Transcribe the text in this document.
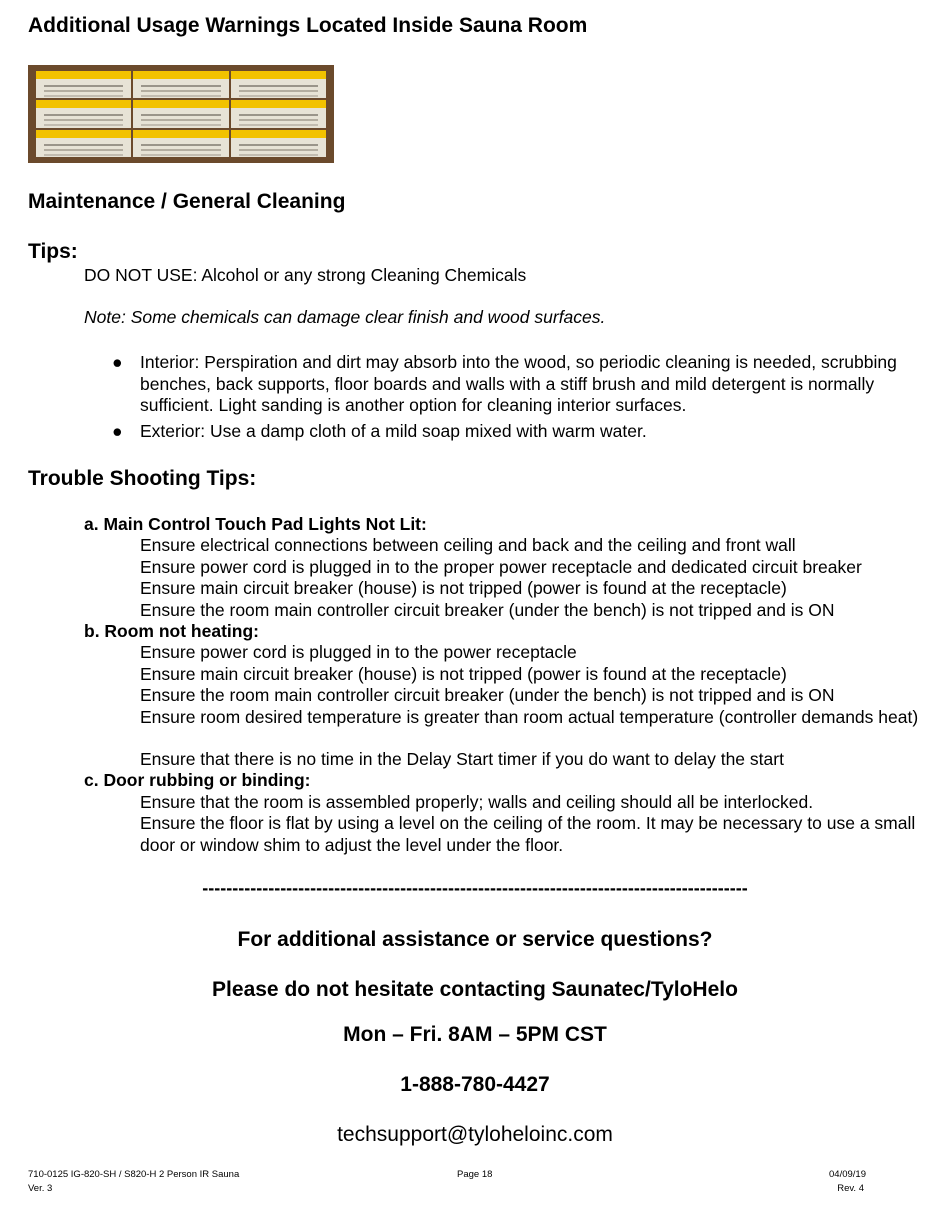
Additional Usage Warnings Located Inside Sauna Room
Maintenance / General Cleaning
Tips:
DO NOT USE: Alcohol or any strong Cleaning Chemicals
Note: Some chemicals can damage clear finish and wood surfaces.
● Interior: Perspiration and dirt may absorb into the wood, so periodic cleaning is needed, scrubbing benches, back supports, floor boards and walls with a stiff brush and mild detergent is normally sufficient. Light sanding is another option for cleaning interior surfaces.
● Exterior: Use a damp cloth of a mild soap mixed with warm water.
Trouble Shooting Tips:
a. Main Control Touch Pad Lights Not Lit:
Ensure electrical connections between ceiling and back and the ceiling and front wall
Ensure power cord is plugged in to the proper power receptacle and dedicated circuit breaker
Ensure main circuit breaker (house) is not tripped (power is found at the receptacle)
Ensure the room main controller circuit breaker (under the bench) is not tripped and is ON
b. Room not heating:
Ensure power cord is plugged in to the power receptacle
Ensure main circuit breaker (house) is not tripped (power is found at the receptacle)
Ensure the room main controller circuit breaker (under the bench) is not tripped and is ON
Ensure room desired temperature is greater than room actual temperature (controller demands heat)
Ensure that there is no time in the Delay Start timer if you do want to delay the start
c. Door rubbing or binding:
Ensure that the room is assembled properly; walls and ceiling should all be interlocked.
Ensure the floor is flat by using a level on the ceiling of the room. It may be necessary to use a small door or window shim to adjust the level under the floor.
-------------------------------------------------------------------------------------------
For additional assistance or service questions?
Please do not hesitate contacting Saunatec/TyloHelo
Mon – Fri. 8AM – 5PM CST
1-888-780-4427
techsupport@tyloheloinc.com
710-0125 IG-820-SH / S820-H 2 Person IR Sauna
Ver. 3
Page 18	04/09/19
Rev. 4
